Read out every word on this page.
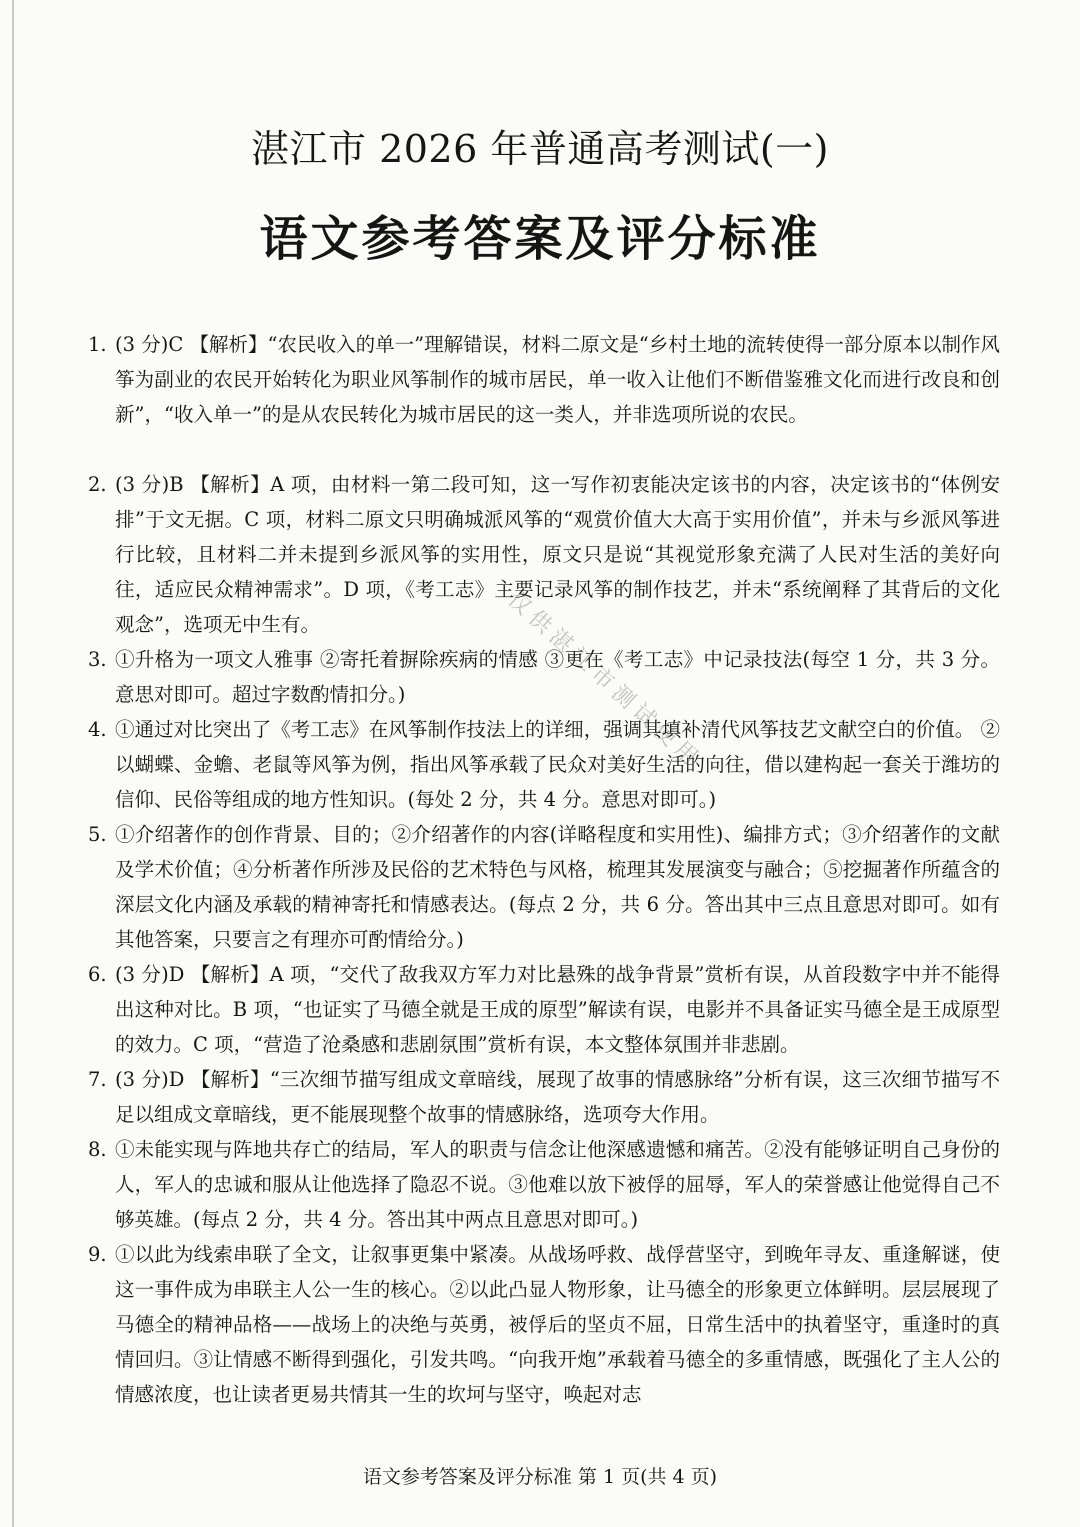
湛江市 2026 年普通高考测试(一)
语文参考答案及评分标准
1. (3 分)C 【解析】“农民收入的单一”理解错误，材料二原文是“乡村土地的流转使得一部分原本以制作风筝为副业的农民开始转化为职业风筝制作的城市居民，单一收入让他们不断借鉴雅文化而进行改良和创新”，“收入单一”的是从农民转化为城市居民的这一类人，并非选项所说的农民。
2. (3 分)B 【解析】A 项，由材料一第二段可知，这一写作初衷能决定该书的内容，决定该书的“体例安排”于文无据。C 项，材料二原文只明确城派风筝的“观赏价值大大高于实用价值”，并未与乡派风筝进行比较，且材料二并未提到乡派风筝的实用性，原文只是说“其视觉形象充满了人民对生活的美好向往，适应民众精神需求”。D 项，《考工志》主要记录风筝的制作技艺，并未“系统阐释了其背后的文化观念”，选项无中生有。
3. ①升格为一项文人雅事 ②寄托着摒除疾病的情感 ③更在《考工志》中记录技法(每空 1 分，共 3 分。意思对即可。超过字数酌情扣分。)
4. ①通过对比突出了《考工志》在风筝制作技法上的详细，强调其填补清代风筝技艺文献空白的价值。 ②以蝴蝶、金蟾、老鼠等风筝为例，指出风筝承载了民众对美好生活的向往，借以建构起一套关于潍坊的信仰、民俗等组成的地方性知识。(每处 2 分，共 4 分。意思对即可。)
5. ①介绍著作的创作背景、目的；②介绍著作的内容(详略程度和实用性)、编排方式；③介绍著作的文献及学术价值；④分析著作所涉及民俗的艺术特色与风格，梳理其发展演变与融合；⑤挖掘著作所蕴含的深层文化内涵及承载的精神寄托和情感表达。(每点 2 分，共 6 分。答出其中三点且意思对即可。如有其他答案，只要言之有理亦可酌情给分。)
6. (3 分)D 【解析】A 项，“交代了敌我双方军力对比悬殊的战争背景”赏析有误，从首段数字中并不能得出这种对比。B 项，“也证实了马德全就是王成的原型”解读有误，电影并不具备证实马德全是王成原型的效力。C 项，“营造了沧桑感和悲剧氛围”赏析有误，本文整体氛围并非悲剧。
7. (3 分)D 【解析】“三次细节描写组成文章暗线，展现了故事的情感脉络”分析有误，这三次细节描写不足以组成文章暗线，更不能展现整个故事的情感脉络，选项夸大作用。
8. ①未能实现与阵地共存亡的结局，军人的职责与信念让他深感遗憾和痛苦。②没有能够证明自己身份的人，军人的忠诚和服从让他选择了隐忍不说。③他难以放下被俘的屈辱，军人的荣誉感让他觉得自己不够英雄。(每点 2 分，共 4 分。答出其中两点且意思对即可。)
9. ①以此为线索串联了全文，让叙事更集中紧凑。从战场呼救、战俘营坚守，到晚年寻友、重逢解谜，使这一事件成为串联主人公一生的核心。②以此凸显人物形象，让马德全的形象更立体鲜明。层层展现了马德全的精神品格——战场上的决绝与英勇，被俘后的坚贞不屈，日常生活中的执着坚守，重逢时的真情回归。③让情感不断得到强化，引发共鸣。“向我开炮”承载着马德全的多重情感，既强化了主人公的情感浓度，也让读者更易共情其一生的坎坷与坚守，唤起对志
仅供湛江市测试使用
语文参考答案及评分标准 第 1 页(共 4 页)
